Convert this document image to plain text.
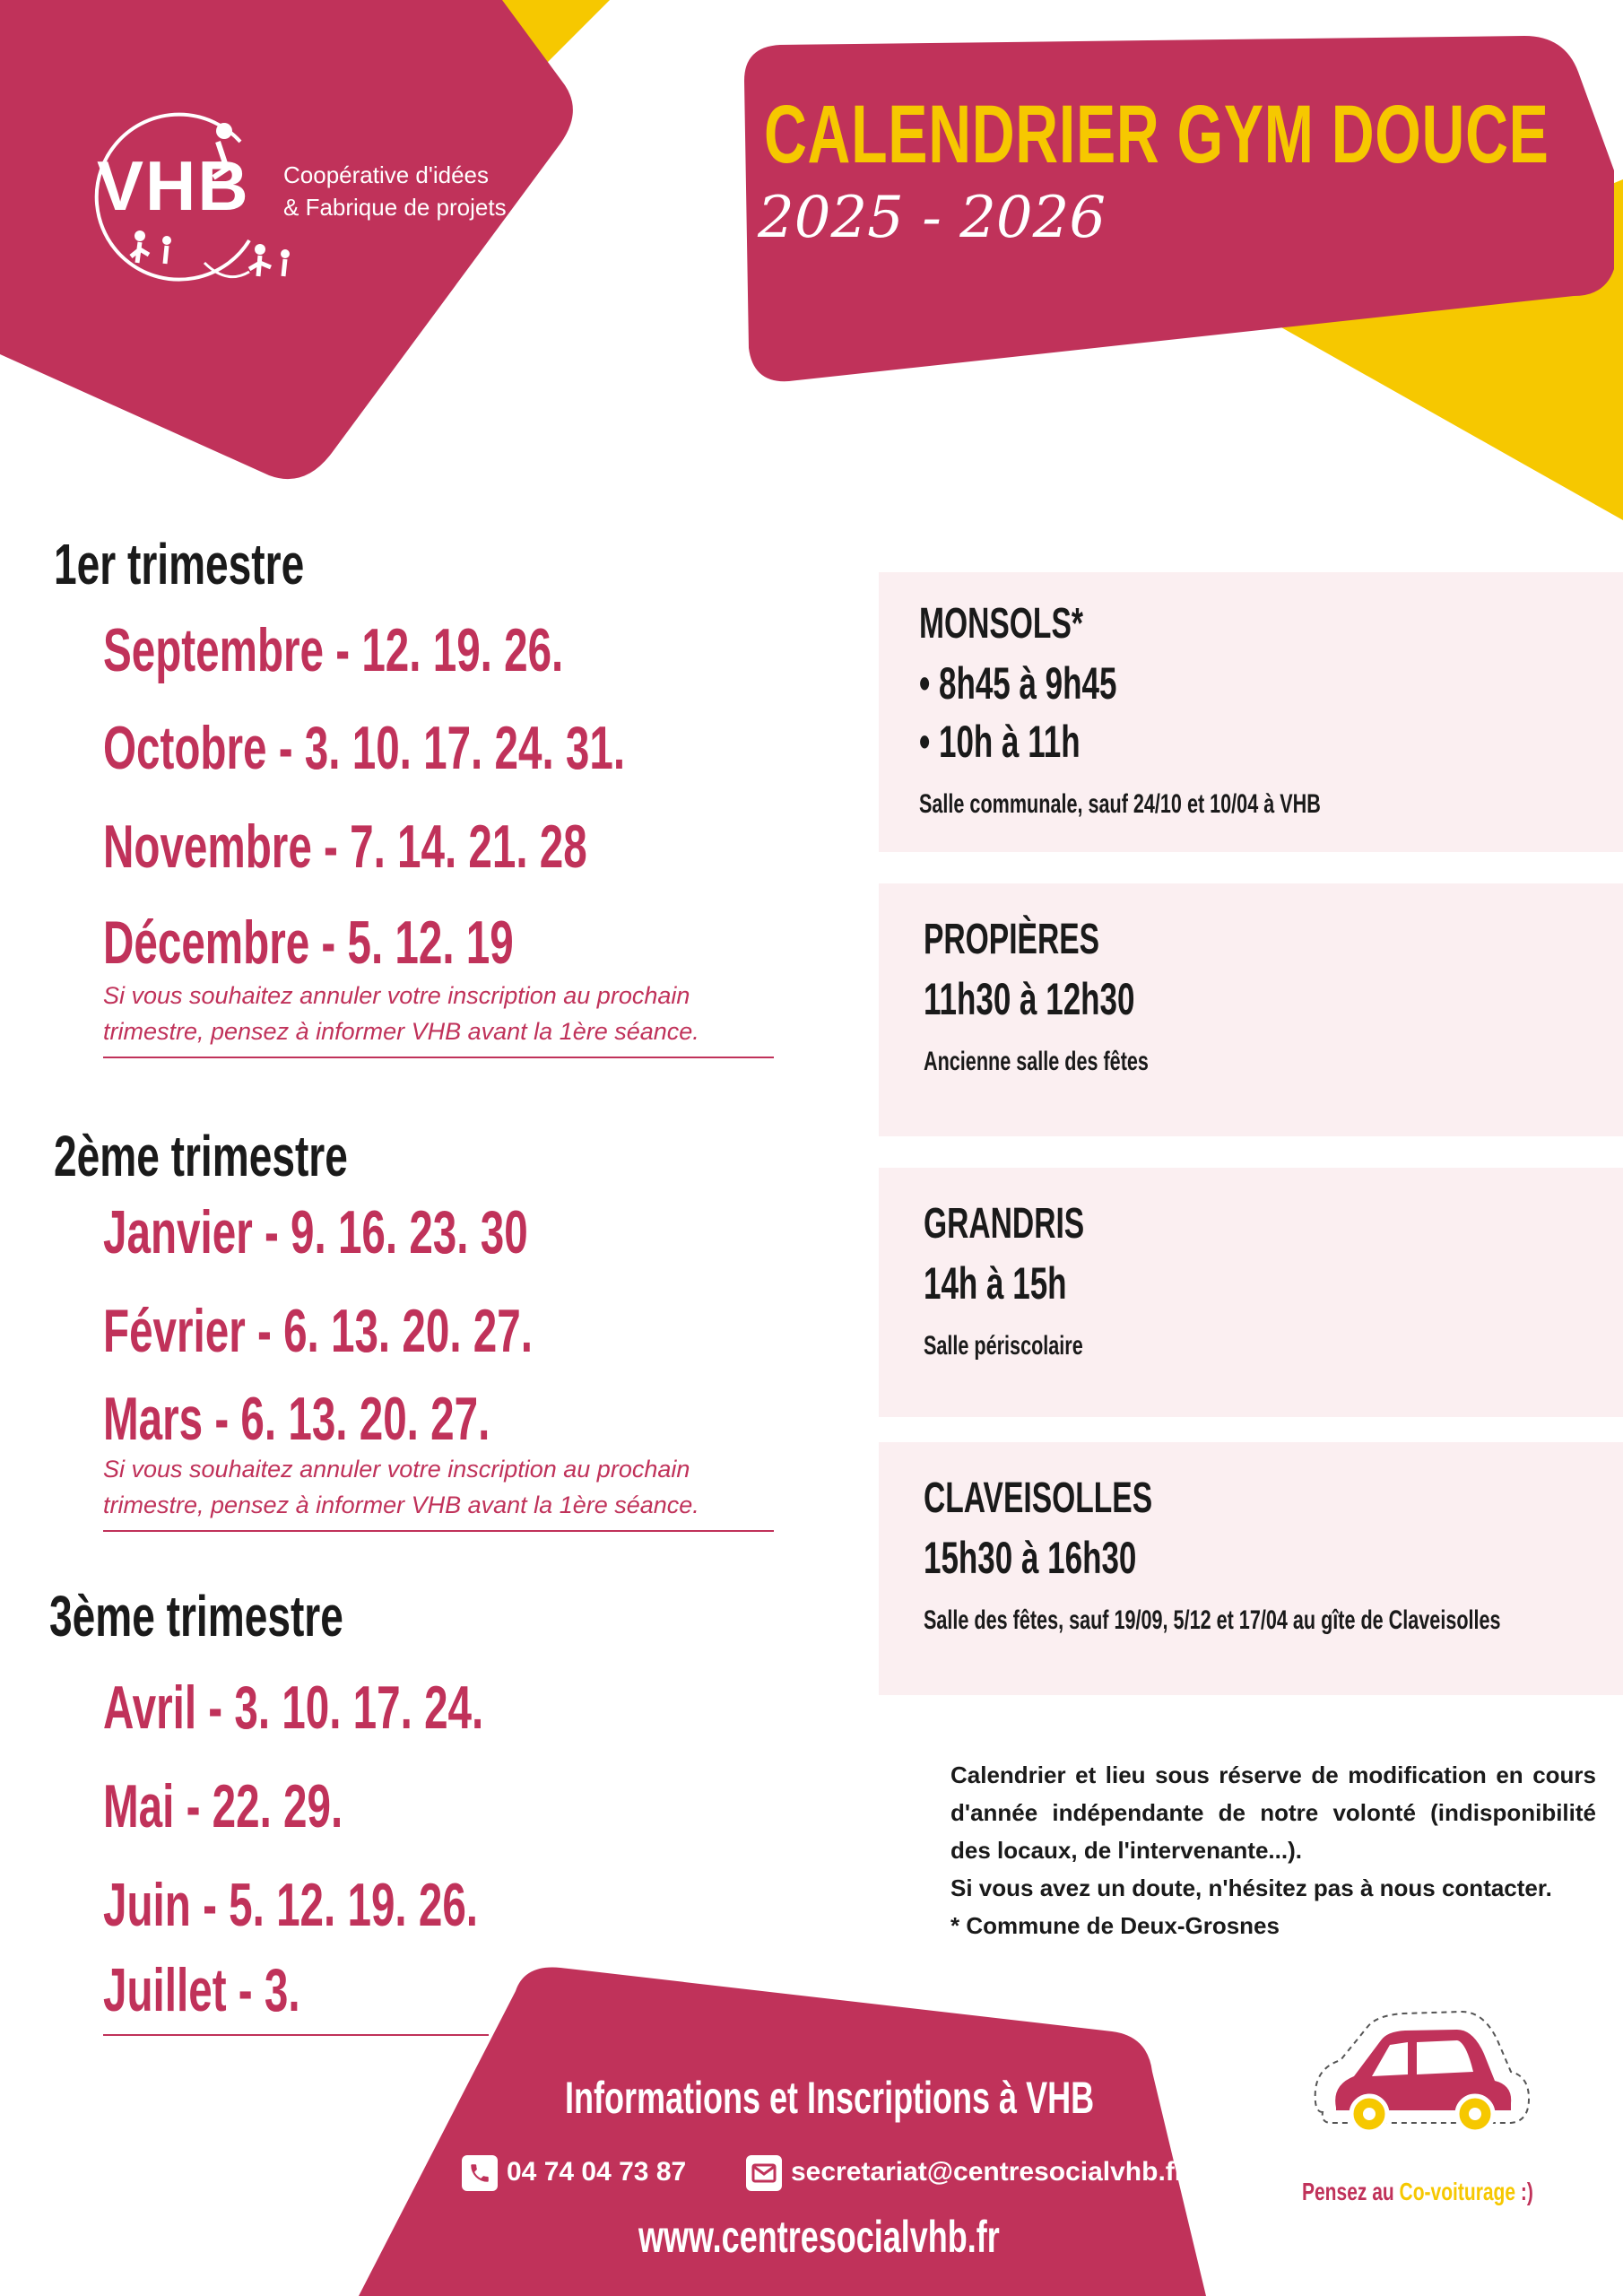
VHB Coopérative d'idées
& Fabrique de projets
CALENDRIER GYM DOUCE
2025 - 2026
1er trimestre
Septembre - 12. 19. 26.
Octobre - 3. 10. 17. 24. 31.
Novembre - 7. 14. 21. 28
Décembre - 5. 12. 19
Si vous souhaitez annuler votre inscription au prochain
trimestre, pensez à informer VHB avant la 1ère séance.
2ème trimestre
Janvier - 9. 16. 23. 30
Février - 6. 13. 20. 27.
Mars - 6. 13. 20. 27.
Si vous souhaitez annuler votre inscription au prochain
trimestre, pensez à informer VHB avant la 1ère séance.
3ème trimestre
Avril - 3. 10. 17. 24.
Mai - 22. 29.
Juin - 5. 12. 19. 26.
Juillet - 3.
MONSOLS*
• 8h45 à 9h45
• 10h à 11h
Salle communale, sauf 24/10 et 10/04 à VHB
PROPIÈRES
11h30 à 12h30
Ancienne salle des fêtes
GRANDRIS
14h à 15h
Salle périscolaire
CLAVEISOLLES
15h30 à 16h30
Salle des fêtes, sauf 19/09, 5/12 et 17/04 au gîte de Claveisolles
Calendrier et lieu sous réserve de modification en cours d'année indépendante de notre volonté (indisponibilité des locaux, de l'intervenante...).
Si vous avez un doute, n'hésitez pas à nous contacter.
* Commune de Deux-Grosnes
Informations et Inscriptions à VHB
04 74 04 73 87	secretariat@centresocialvhb.fr
www.centresocialvhb.fr
Pensez au Co-voiturage :)
